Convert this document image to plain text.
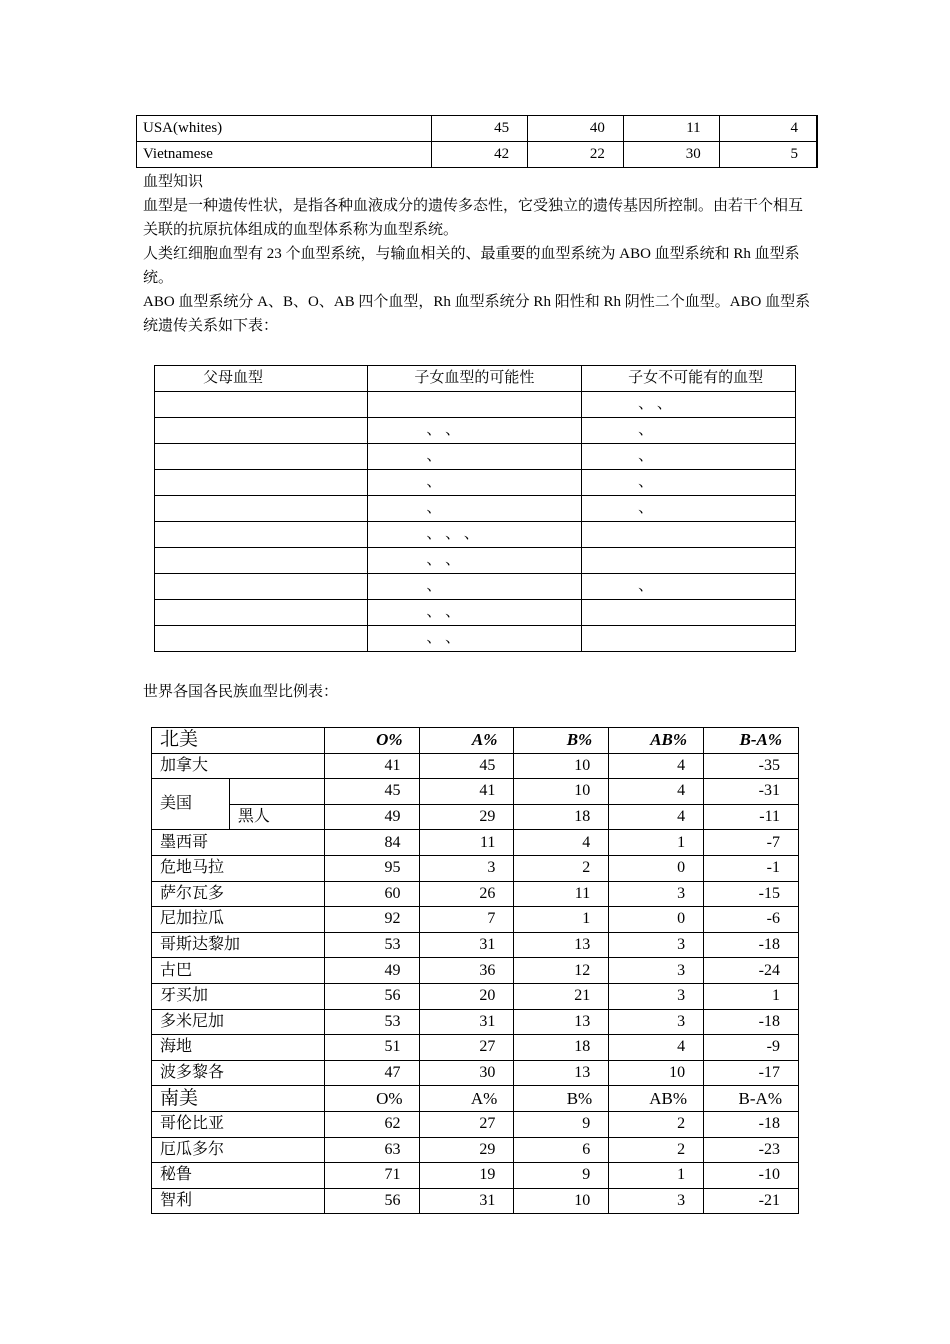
USA(whites)	45	40	11	4
Vietnamese	42	22	30	5
血型知识
血型是一种遗传性状，是指各种血液成分的遗传多态性，它受独立的遗传基因所控制。由若干个相互关联的抗原抗体组成的血型体系称为血型系统。
人类红细胞血型有 23 个血型系统，与输血相关的、最重要的血型系统为 ABO 血型系统和 Rh 血型系统。
ABO 血型系统分 A、B、O、AB 四个血型，Rh 血型系统分 Rh 阳性和 Rh 阴性二个血型。ABO 血型系统遗传关系如下表：
父母血型	子女血型的可能性	子女不可能有的血型
		、 、
	、 、	、
	、	、
	、	、
	、	、
	、 、 、	
	、 、	
	、	、
	、 、	
	、 、	
世界各国各民族血型比例表：
北美		O%	A%	B%	AB%	B-A%
加拿大		41	45	10	4	-35
美国		45	41	10	4	-31
	黑人	49	29	18	4	-11
墨西哥		84	11	4	1	-7
危地马拉		95	3	2	0	-1
萨尔瓦多		60	26	11	3	-15
尼加拉瓜		92	7	1	0	-6
哥斯达黎加		53	31	13	3	-18
古巴		49	36	12	3	-24
牙买加		56	20	21	3	1
多米尼加		53	31	13	3	-18
海地		51	27	18	4	-9
波多黎各		47	30	13	10	-17
南美		O%	A%	B%	AB%	B-A%
哥伦比亚		62	27	9	2	-18
厄瓜多尔		63	29	6	2	-23
秘鲁		71	19	9	1	-10
智利		56	31	10	3	-21
